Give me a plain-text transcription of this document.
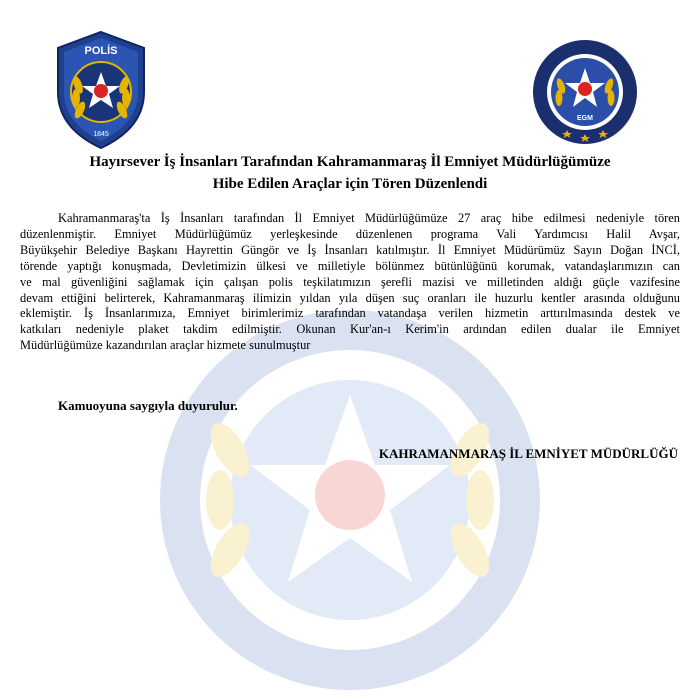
POLİS
1845
EGM
Hayırsever İş İnsanları Tarafından Kahramanmaraş İl Emniyet Müdürlüğümüze
Hibe Edilen Araçlar için Tören Düzenlendi
Kahramanmaraş'ta İş İnsanları tarafından İl Emniyet Müdürlüğümüze 27 araç hibe edilmesi nedeniyle tören
düzenlenmiştir. Emniyet Müdürlüğümüz yerleşkesinde düzenlenen programa Vali Yardımcısı Halil Avşar,
Büyükşehir Belediye Başkanı Hayrettin Güngör ve İş İnsanları katılmıştır. İl Emniyet Müdürümüz Sayın Doğan İNCİ,
törende yaptığı konuşmada, Devletimizin ülkesi ve milletiyle bölünmez bütünlüğünü korumak, vatandaşlarımızın can
ve mal güvenliğini sağlamak için çalışan polis teşkilatımızın şerefli mazisi ve milletinden aldığı güçle vazifesine
devam ettiğini belirterek, Kahramanmaraş ilimizin yıldan yıla düşen suç oranları ile huzurlu kentler arasında olduğunu
eklemiştir. İş İnsanlarımıza, Emniyet birimlerimiz tarafından vatandaşa verilen hizmetin arttırılmasında destek ve
katkıları nedeniyle plaket takdim edilmiştir. Okunan Kur'an-ı Kerim'in ardından edilen dualar ile Emniyet
Müdürlüğümüze kazandırılan araçlar hizmete sunulmuştur
Kamuoyuna saygıyla duyurulur.
KAHRAMANMARAŞ İL EMNİYET MÜDÜRLÜĞÜ
